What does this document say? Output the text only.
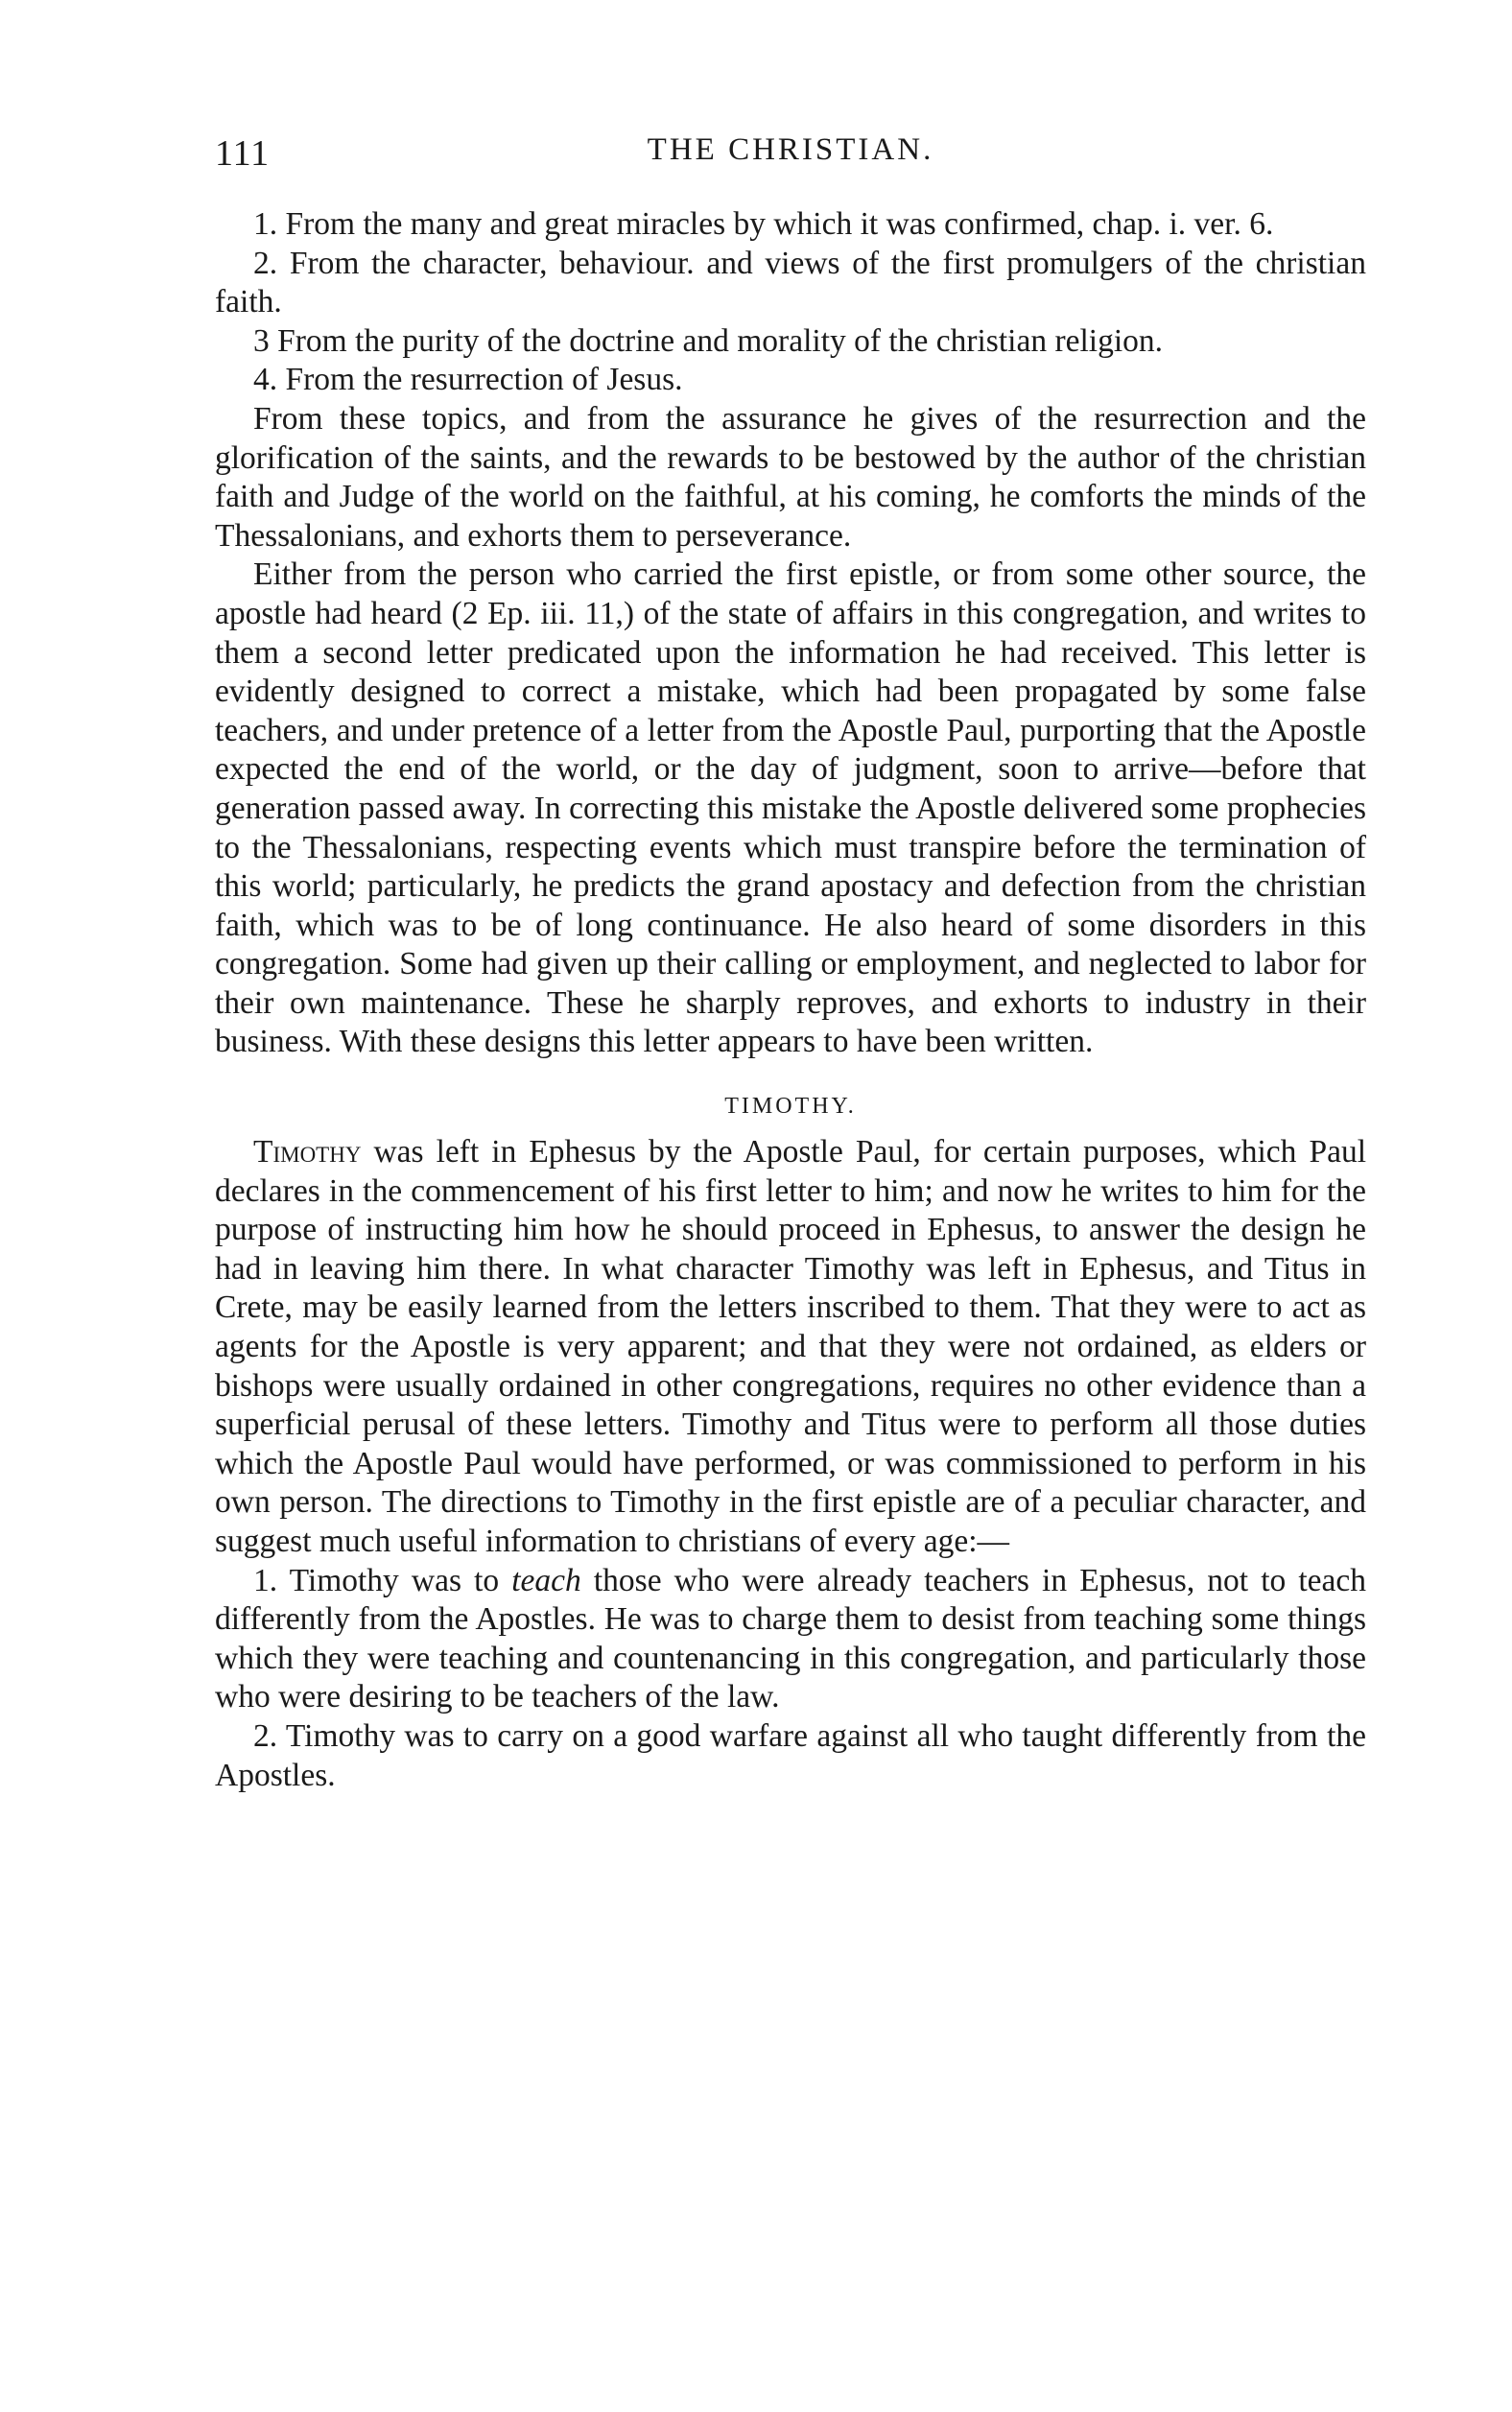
111	THE CHRISTIAN.

1. From the many and great miracles by which it was confirmed, chap. i. ver. 6.

2. From the character, behaviour. and views of the first promulgers of the christian faith.

3 From the purity of the doctrine and morality of the christian religion.

4. From the resurrection of Jesus.

From these topics, and from the assurance he gives of the resurrection and the glorification of the saints, and the rewards to be bestowed by the author of the christian faith and Judge of the world on the faithful, at his coming, he comforts the minds of the Thessalonians, and exhorts them to perseverance.

Either from the person who carried the first epistle, or from some other source, the apostle had heard (2 Ep. iii. 11,) of the state of affairs in this congregation, and writes to them a second letter predicated upon the information he had received. This letter is evidently designed to correct a mistake, which had been propagated by some false teachers, and under pretence of a letter from the Apostle Paul, purporting that the Apostle expected the end of the world, or the day of judgment, soon to arrive—before that generation passed away. In correcting this mistake the Apostle delivered some prophecies to the Thessalonians, respecting events which must transpire before the termination of this world; particularly, he predicts the grand apostacy and defection from the christian faith, which was to be of long continuance. He also heard of some disorders in this congregation. Some had given up their calling or employment, and neglected to labor for their own maintenance. These he sharply reproves, and exhorts to industry in their business. With these designs this letter appears to have been written.

TIMOTHY.

Timothy was left in Ephesus by the Apostle Paul, for certain purposes, which Paul declares in the commencement of his first letter to him; and now he writes to him for the purpose of instructing him how he should proceed in Ephesus, to answer the design he had in leaving him there. In what character Timothy was left in Ephesus, and Titus in Crete, may be easily learned from the letters inscribed to them. That they were to act as agents for the Apostle is very apparent; and that they were not ordained, as elders or bishops were usually ordained in other congregations, requires no other evidence than a superficial perusal of these letters. Timothy and Titus were to perform all those duties which the Apostle Paul would have performed, or was commissioned to perform in his own person. The directions to Timothy in the first epistle are of a peculiar character, and suggest much useful information to christians of every age:—

1. Timothy was to teach those who were already teachers in Ephesus, not to teach differently from the Apostles. He was to charge them to desist from teaching some things which they were teaching and countenancing in this congregation, and particularly those who were desiring to be teachers of the law.

2. Timothy was to carry on a good warfare against all who taught differently from the Apostles.
